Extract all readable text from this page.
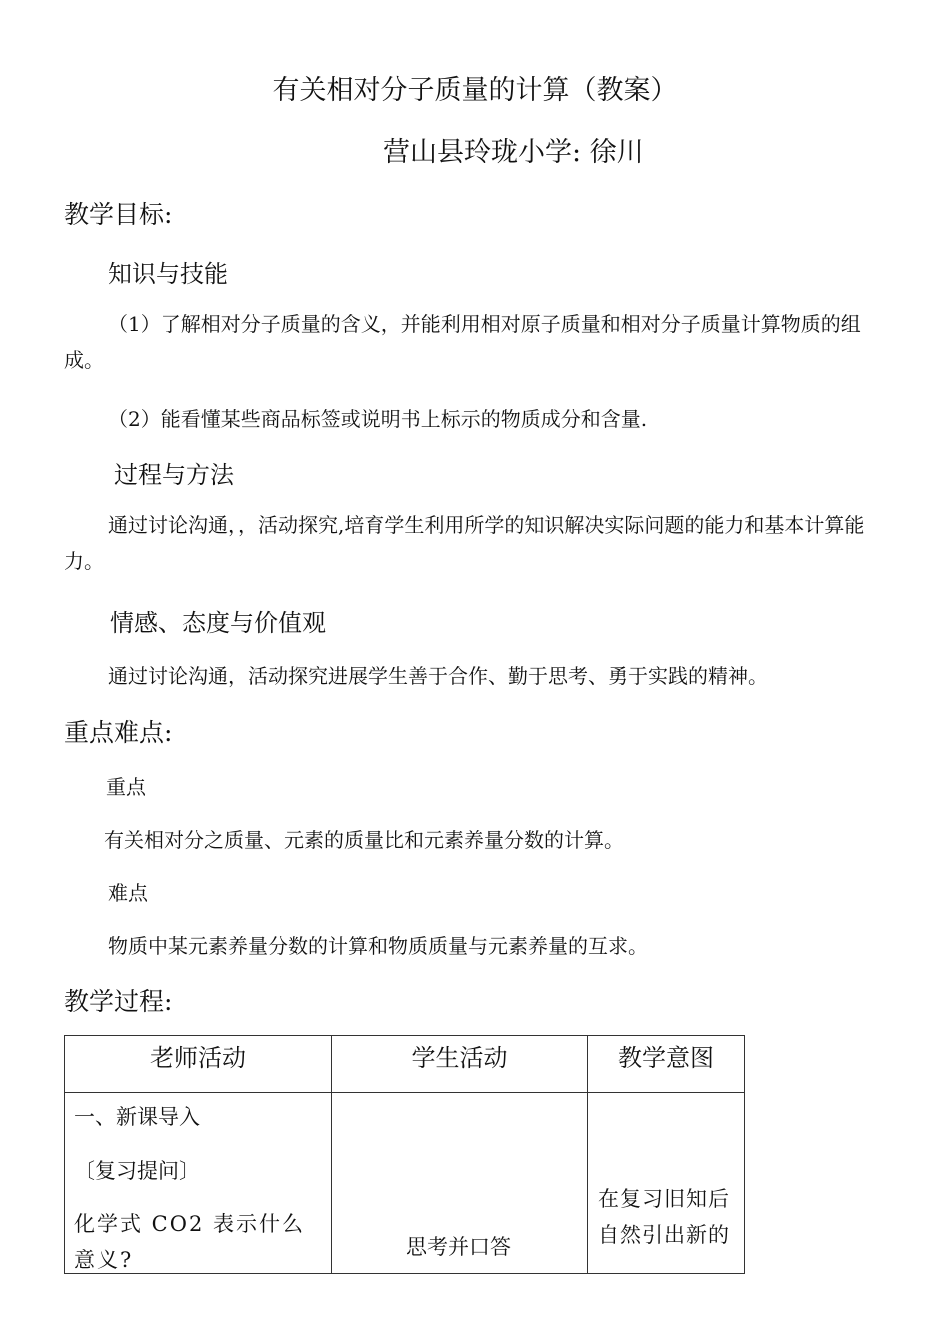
有关相对分子质量的计算（教案）
营山县玲珑小学: 徐川
教学目标:
知识与技能
（1）了解相对分子质量的含义，并能利用相对原子质量和相对分子质量计算物质的组成。
（2）能看懂某些商品标签或说明书上标示的物质成分和含量.
过程与方法
通过讨论沟通，，活动探究,培育学生利用所学的知识解决实际问题的能力和基本计算能力。
情感、态度与价值观
通过讨论沟通，活动探究进展学生善于合作、勤于思考、勇于实践的精神。
重点难点:
重点
有关相对分之质量、元素的质量比和元素养量分数的计算。
难点
物质中某元素养量分数的计算和物质质量与元素养量的互求。
教学过程:
老师活动	学生活动	教学意图

一、新课导入
〔复习提问〕
化学式 CO2 表示什么意义?	思考并口答	在复习旧知后自然引出新的
